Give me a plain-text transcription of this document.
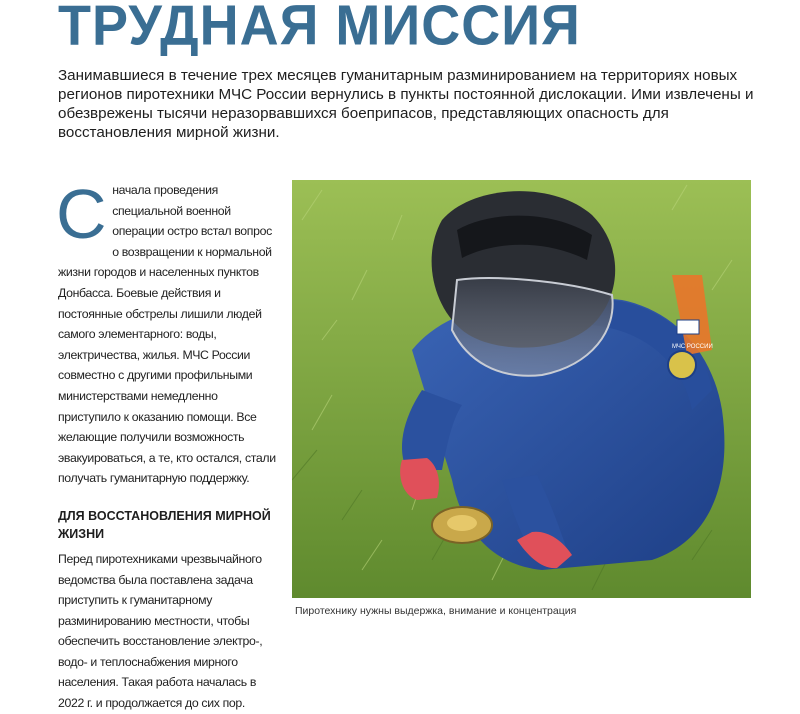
ТРУДНАЯ МИССИЯ
Занимавшиеся в течение трех месяцев гуманитарным разминированием на территориях новых регионов пиротехники МЧС России вернулись в пункты постоянной дислокации. Ими извлечены и обезврежены тысячи неразорвавшихся боеприпасов, представляющих опасность для восстановления мирной жизни.

Сначала проведения специальной военной операции остро встал вопрос о возвращении к нормальной жизни городов и населенных пунктов Донбасса. Боевые действия и постоянные обстрелы лишили людей самого элементарного: воды, электричества, жилья. МЧС России совместно с другими профильными министерствами немедленно приступило к оказанию помощи. Все желающие получили возможность эвакуироваться, а те, кто остался, стали получать гуманитарную поддержку.

ДЛЯ ВОССТАНОВЛЕНИЯ МИРНОЙ ЖИЗНИ

Перед пиротехниками чрезвычайного ведомства была поставлена задача приступить к гуманитарному разминированию местности, чтобы обеспечить восстановление электро-, водо- и теплоснабжения мирного населения. Такая работа началась в 2022 г. и продолжается до сих пор.

МЧС РОССИИ
Пиротехнику нужны выдержка, внимание и концентрация
